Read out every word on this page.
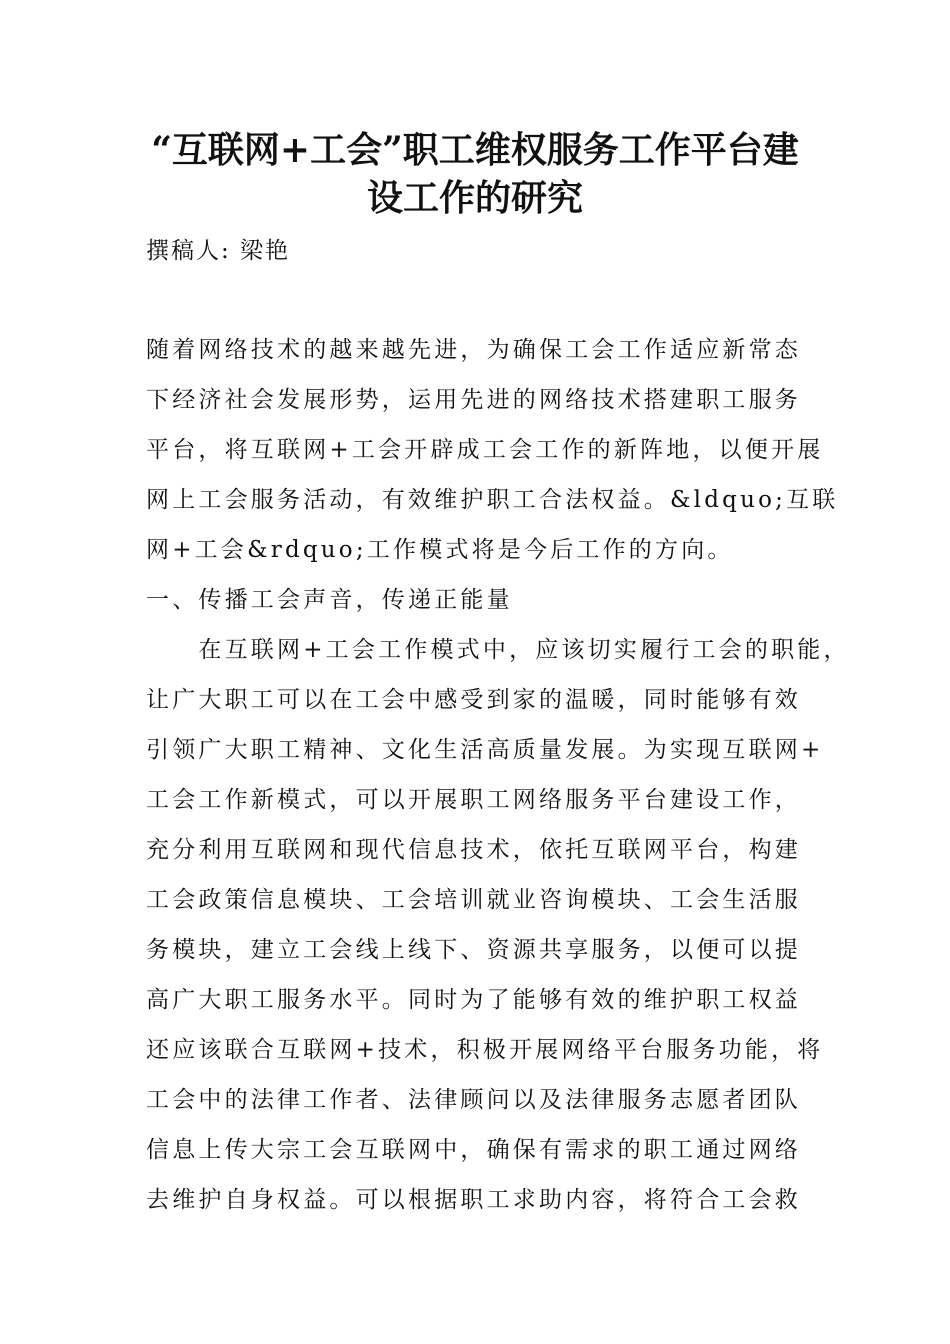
“互联网+工会”职工维权服务工作平台建
设工作的研究
撰稿人: 梁艳
随着网络技术的越来越先进，为确保工会工作适应新常态
下经济社会发展形势，运用先进的网络技术搭建职工服务
平台，将互联网+工会开辟成工会工作的新阵地，以便开展
网上工会服务活动，有效维护职工合法权益。&ldquo;互联
网+工会&rdquo;工作模式将是今后工作的方向。
一、传播工会声音，传递正能量
　　在互联网+工会工作模式中，应该切实履行工会的职能，
让广大职工可以在工会中感受到家的温暖，同时能够有效
引领广大职工精神、文化生活高质量发展。为实现互联网+
工会工作新模式，可以开展职工网络服务平台建设工作，
充分利用互联网和现代信息技术，依托互联网平台，构建
工会政策信息模块、工会培训就业咨询模块、工会生活服
务模块，建立工会线上线下、资源共享服务，以便可以提
高广大职工服务水平。同时为了能够有效的维护职工权益
还应该联合互联网+技术，积极开展网络平台服务功能，将
工会中的法律工作者、法律顾问以及法律服务志愿者团队
信息上传大宗工会互联网中，确保有需求的职工通过网络
去维护自身权益。可以根据职工求助内容，将符合工会救
